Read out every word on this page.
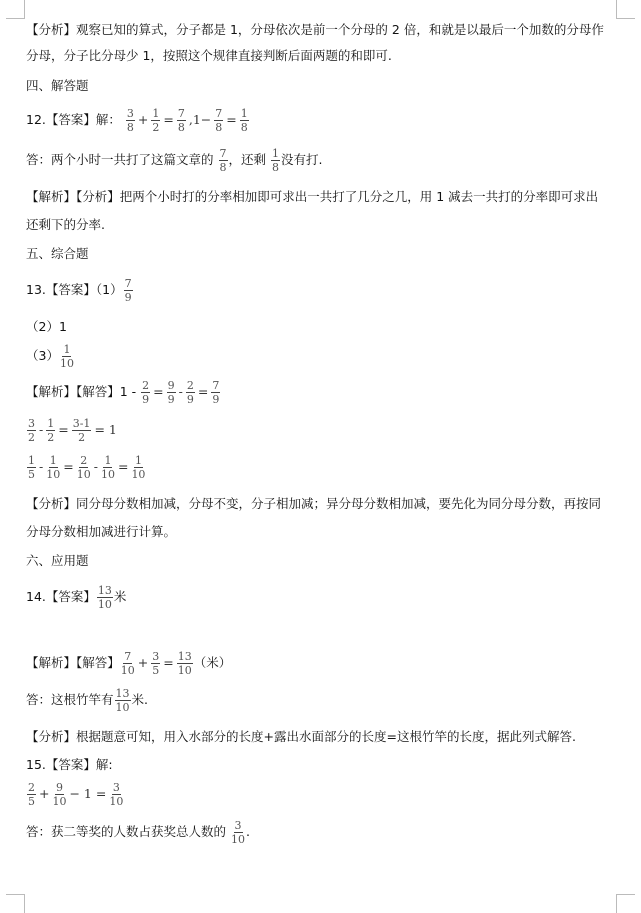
【分析】观察已知的算式，分子都是 1，分母依次是前一个分母的 2 倍，和就是以最后一个加数的分母作
分母，分子比分母少 1，按照这个规律直接判断后面两题的和即可.
四、解答题
12.【答案】解： $\frac{3}{8} + \frac{1}{2} = \frac{7}{8} ,1- \frac{7}{8} = \frac{1}{8}$
答：两个小时一共打了这篇文章的 $\frac{7}{8}$ ，还剩 $\frac{1}{8}$ 没有打.
【解析】【分析】把两个小时打的分率相加即可求出一共打了几分之几，用 1 减去一共打的分率即可求出
还剩下的分率.
五、综合题
13.【答案】$(1) \frac{7}{9}$
（2）1
$(3) \frac{1}{10}$
【解析】【解答】$1 - \frac{2}{9} = \frac{9}{9} - \frac{2}{9} = \frac{7}{9}$
$\frac{3}{2} - \frac{1}{2} = \frac{3-1}{2} = 1$
$\frac{1}{5} - \frac{1}{10} = \frac{2}{10} - \frac{1}{10} = \frac{1}{10}$
【分析】同分母分数相加减，分母不变，分子相加减；异分母分数相加减，要先化为同分母分数，再按同
分母分数相加减进行计算。
六、应用题
14.【答案】 $\frac{13}{10}$ 米
【解析】【解答】 $\frac{7}{10} + \frac{3}{5} = \frac{13}{10}$ （米）
答：这根竹竿有 $\frac{13}{10}$ 米.
【分析】根据题意可知，用入水部分的长度+露出水面部分的长度=这根竹竿的长度，据此列式解答.
15.【答案】解:
$\frac{2}{5} + \frac{9}{10} - 1 = \frac{3}{10}$
答：获二等奖的人数占获奖总人数的 $\frac{3}{10}$ .
